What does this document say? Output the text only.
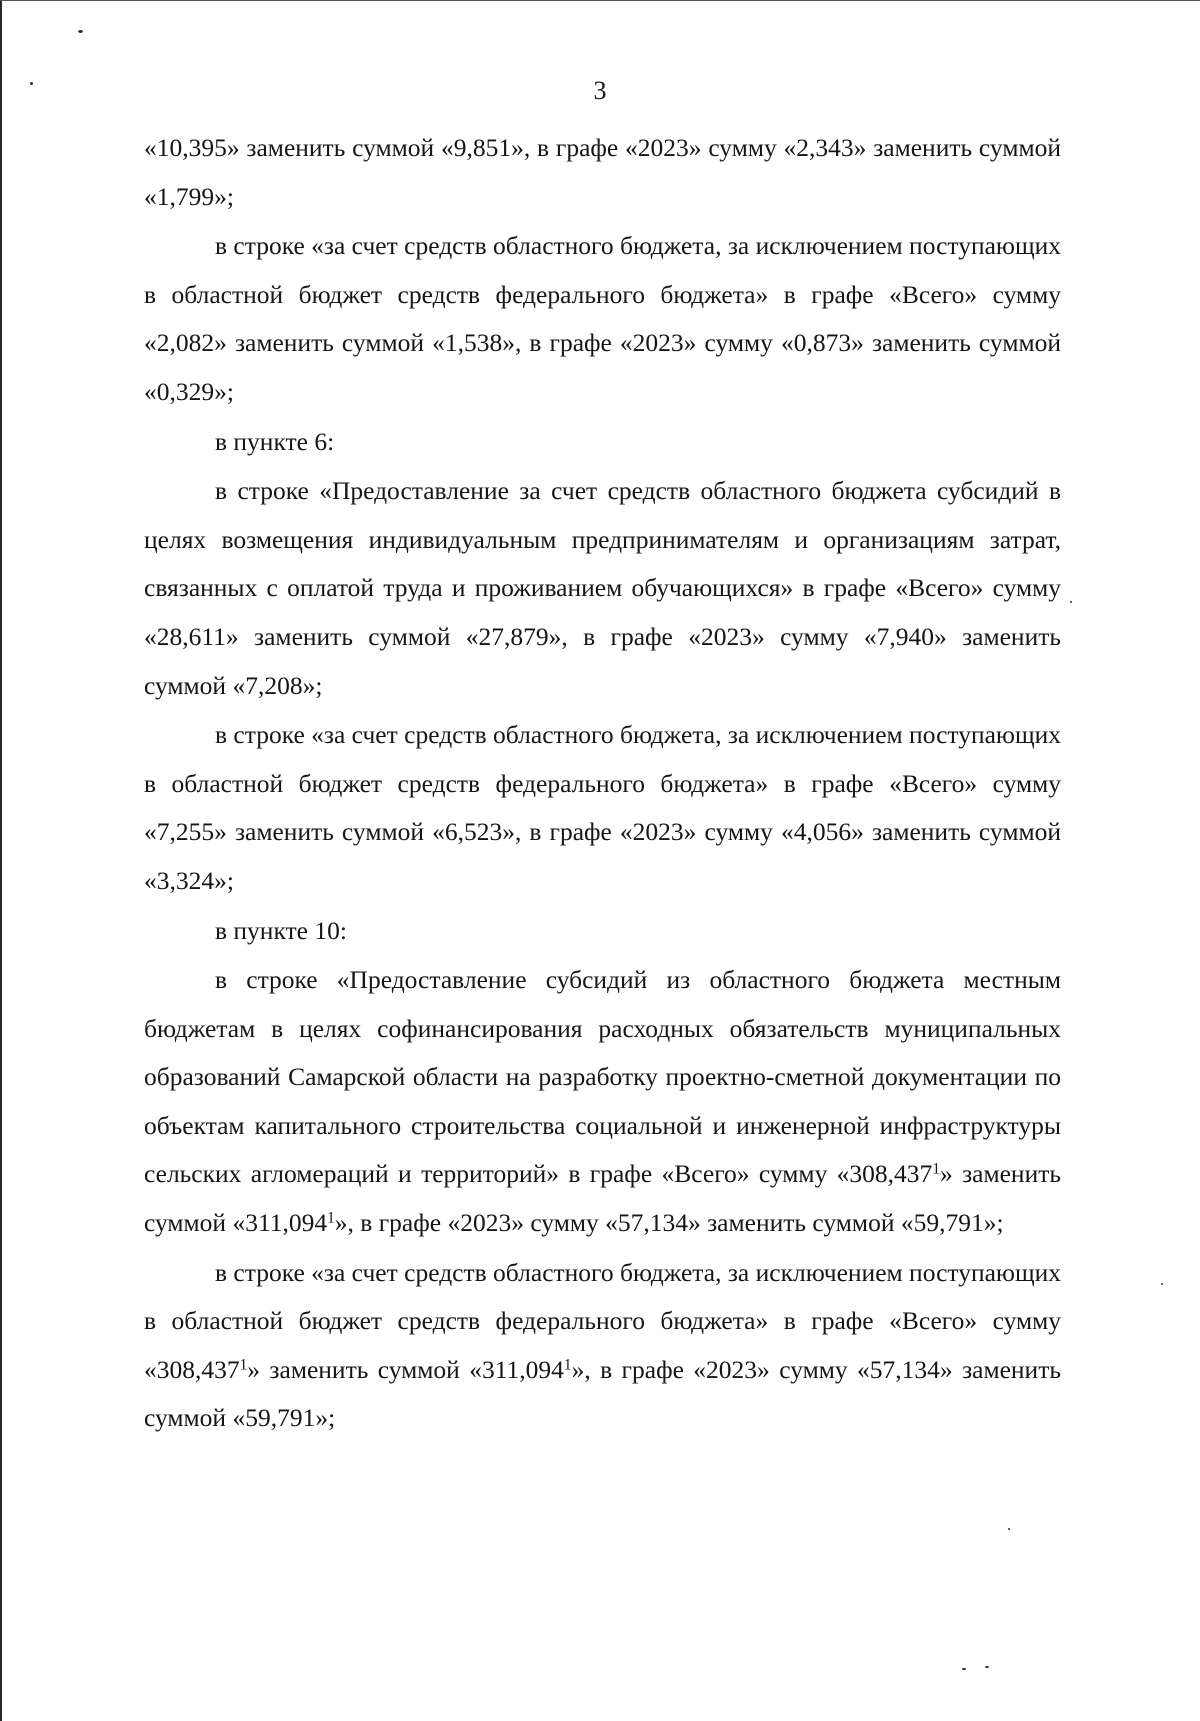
3

«10,395» заменить суммой «9,851», в графе «2023» сумму «2,343» заменить суммой «1,799»;

в строке «за счет средств областного бюджета, за исключением поступающих в областной бюджет средств федерального бюджета» в графе «Всего» сумму «2,082» заменить суммой «1,538», в графе «2023» сумму «0,873» заменить суммой «0,329»;

в пункте 6:

в строке «Предоставление за счет средств областного бюджета субсидий в целях возмещения индивидуальным предпринимателям и организациям затрат, связанных с оплатой труда и проживанием обучающихся» в графе «Всего» сумму «28,611» заменить суммой «27,879», в графе «2023» сумму «7,940» заменить суммой «7,208»;

в строке «за счет средств областного бюджета, за исключением поступающих в областной бюджет средств федерального бюджета» в графе «Всего» сумму «7,255» заменить суммой «6,523», в графе «2023» сумму «4,056» заменить суммой «3,324»;

в пункте 10:

в строке «Предоставление субсидий из областного бюджета местным бюджетам в целях софинансирования расходных обязательств муниципальных образований Самарской области на разработку проектно-сметной документации по объектам капитального строительства социальной и инженерной инфраструктуры сельских агломераций и территорий» в графе «Всего» сумму «308,437$^1$» заменить суммой «311,094$^1$», в графе «2023» сумму «57,134» заменить суммой «59,791»;

в строке «за счет средств областного бюджета, за исключением поступающих в областной бюджет средств федерального бюджета» в графе «Всего» сумму «308,437$^1$» заменить суммой «311,094$^1$», в графе «2023» сумму «57,134» заменить суммой «59,791»;
